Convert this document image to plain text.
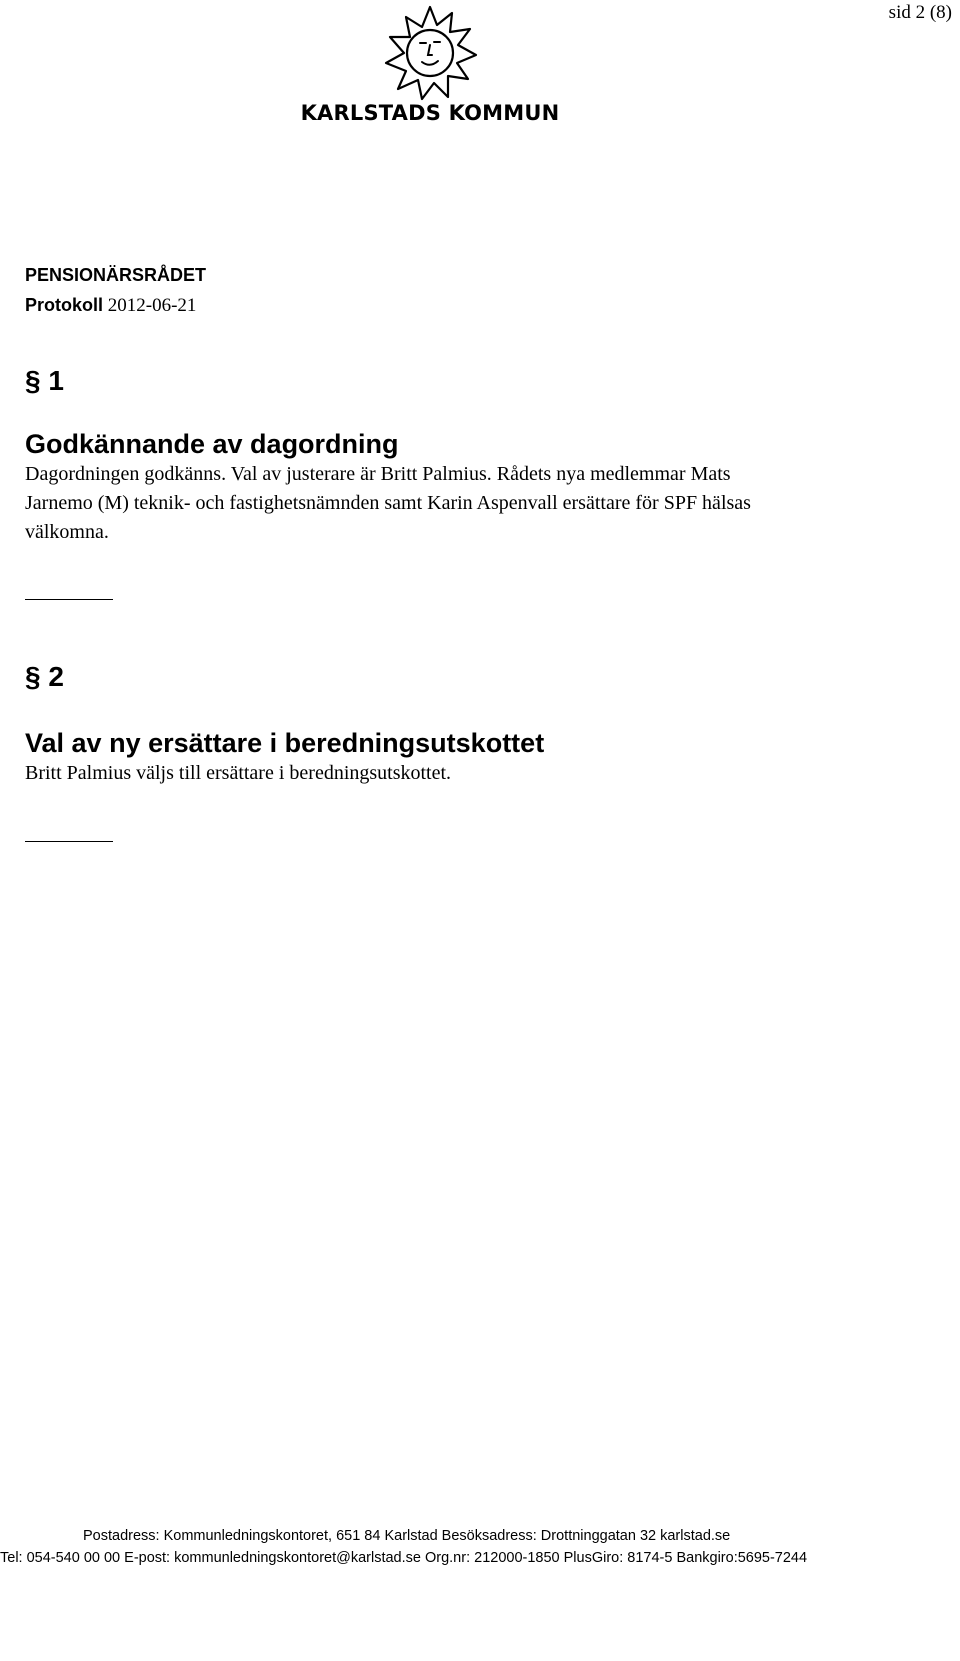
sid 2 (8)
KARLSTADS KOMMUN
PENSIONÄRSRÅDET
Protokoll 2012-06-21
§ 1
Godkännande av dagordning
Dagordningen godkänns. Val av justerare är Britt Palmius. Rådets nya medlemmar Mats Jarnemo (M) teknik- och fastighetsnämnden samt Karin Aspenvall ersättare för SPF hälsas välkomna.
§ 2
Val av ny ersättare i beredningsutskottet
Britt Palmius väljs till ersättare i beredningsutskottet.
Postadress: Kommunledningskontoret, 651 84 Karlstad Besöksadress: Drottninggatan 32 karlstad.se
Tel: 054-540 00 00 E-post: kommunledningskontoret@karlstad.se Org.nr: 212000-1850 PlusGiro: 8174-5 Bankgiro:5695-7244
